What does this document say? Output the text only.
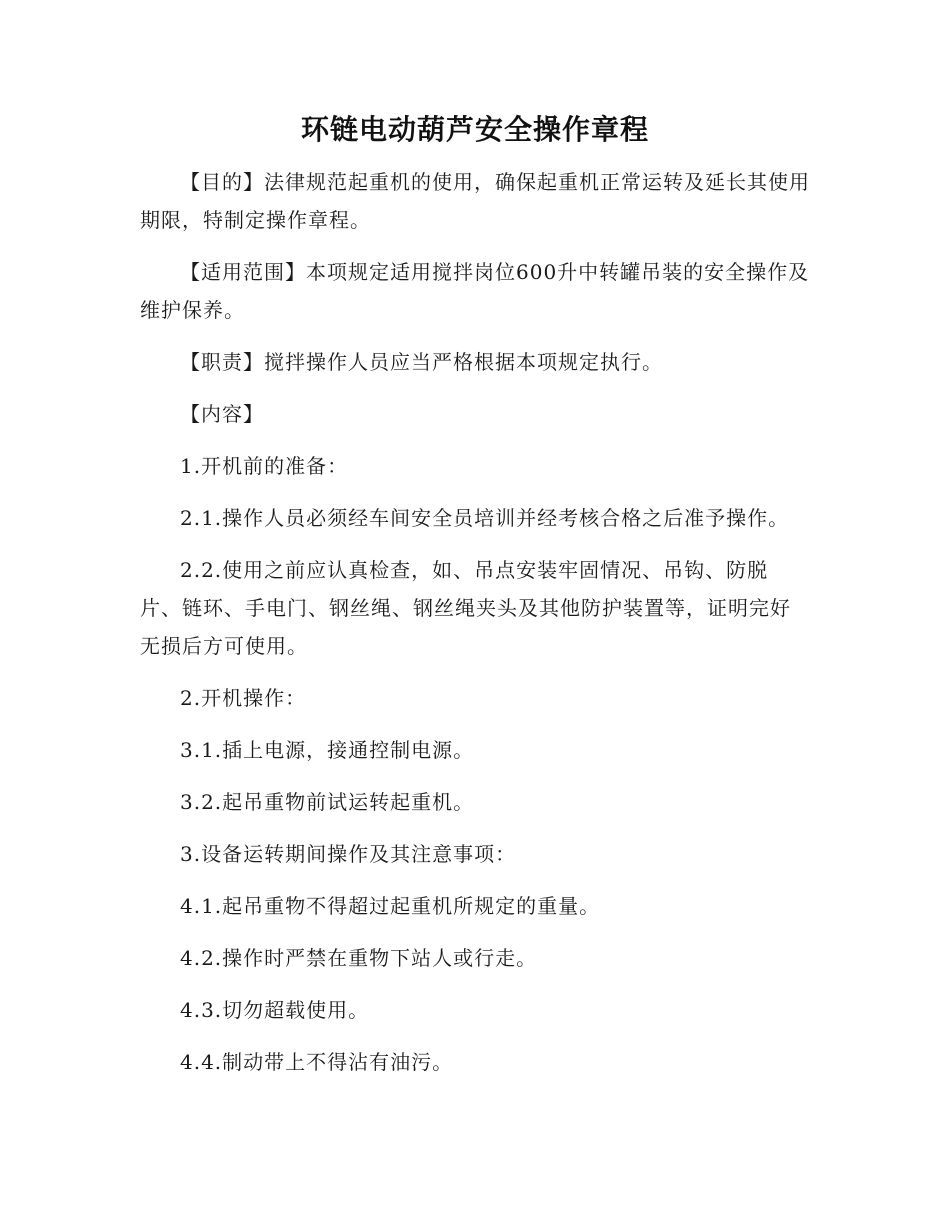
环链电动葫芦安全操作章程

【目的】法律规范起重机的使用，确保起重机正常运转及延长其使用期限，特制定操作章程。

【适用范围】本项规定适用搅拌岗位600升中转罐吊装的安全操作及维护保养。

【职责】搅拌操作人员应当严格根据本项规定执行。

【内容】

1.开机前的准备：

2.1.操作人员必须经车间安全员培训并经考核合格之后准予操作。

2.2.使用之前应认真检查，如、吊点安装牢固情况、吊钩、防脱片、链环、手电门、钢丝绳、钢丝绳夹头及其他防护装置等，证明完好无损后方可使用。

2.开机操作：

3.1.插上电源，接通控制电源。

3.2.起吊重物前试运转起重机。

3.设备运转期间操作及其注意事项：

4.1.起吊重物不得超过起重机所规定的重量。

4.2.操作时严禁在重物下站人或行走。

4.3.切勿超载使用。

4.4.制动带上不得沾有油污。
